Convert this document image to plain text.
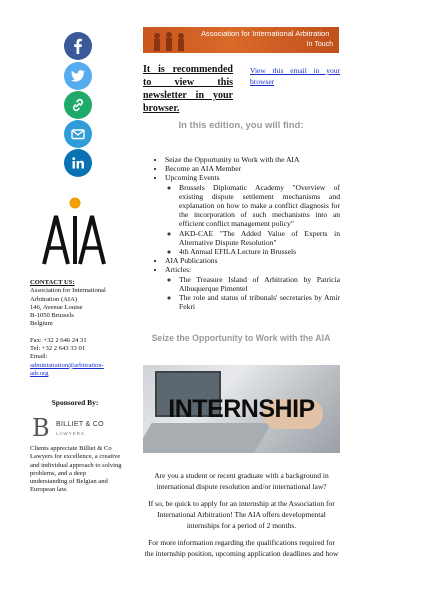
Association for International Arbitration
In Touch
It is recommended to view this newsletter in your browser.
View this email in your browser
In this edition, you will find:
• Seize the Opportunity to Work with the AIA
• Become an AIA Member
• Upcoming Events
◦ Brussels Diplomatic Academy "Overview of existing dispute settlement mechanisms and explanation on how to make a conflict diagnosis for the incorporation of such mechanisms into an efficient conflict management policy"
◦ AKD-CAE "The Added Value of Experts in Alternative Dispute Resolution"
◦ 4th Annual EFILA Lecture in Brussels
• AIA Publications
• Articles:
◦ The Treasure Island of Arbitration by Patricia Albuquerque Pimentel
◦ The role and status of tribunals' secretaries by Amir Fekri
CONTACT US:
Association for International Arbitration (AIA)
146, Avenue Louise
B-1050 Brussels
Belgium
Fax: +32 2 646 24 31
Tel: +32 2 643 33 01
Email:
administration@arbitration-adr.org
Sponsored By:
B BILLIET & CO
LAWYERS
Clients appreciate Billiet & Co Lawyers for excellence, a creative and individual approach to solving problems, and a deep understanding of Belgian and European law.
Seize the Opportunity to Work with the AIA
INTERNSHIP

Are you a student or recent graduate with a background in international dispute resolution and/or international law?

If so, be quick to apply for an internship at the Association for International Arbitration! The AIA offers developmental internships for a period of 2 months.

For more information regarding the qualifications required for the internship position, upcoming application deadlines and how
